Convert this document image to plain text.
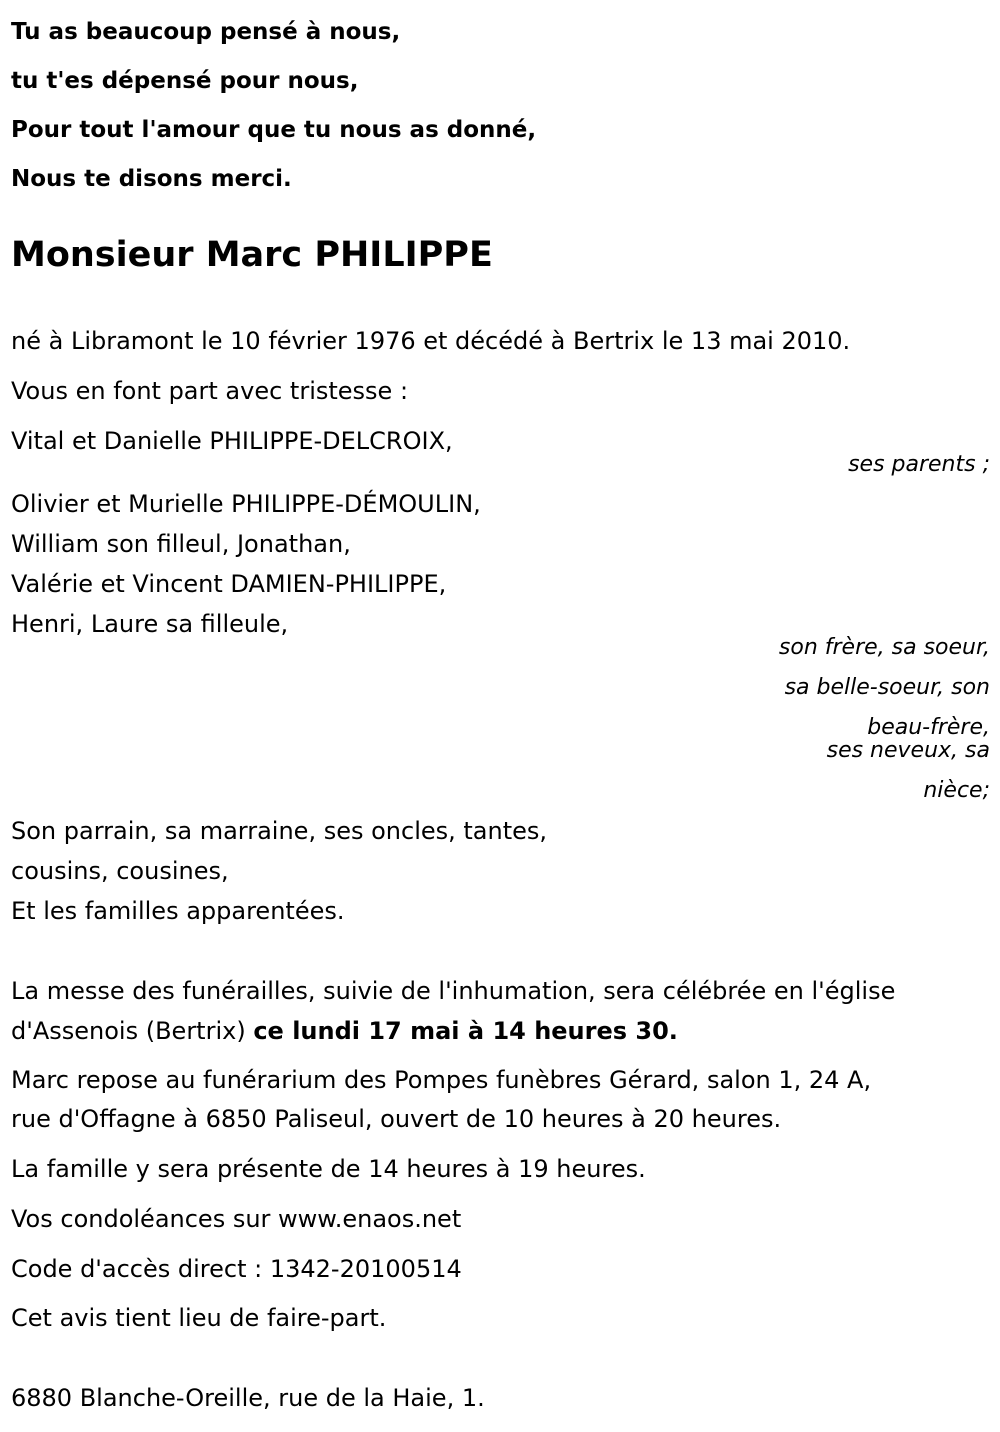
Tu as beaucoup pensé à nous,
tu t'es dépensé pour nous,
Pour tout l'amour que tu nous as donné,
Nous te disons merci.
Monsieur Marc PHILIPPE
né à Libramont le 10 février 1976 et décédé à Bertrix le 13 mai 2010.
Vous en font part avec tristesse :
Vital et Danielle PHILIPPE-DELCROIX,
ses parents ;
Olivier et Murielle PHILIPPE-DÉMOULIN,
William son filleul, Jonathan,
Valérie et Vincent DAMIEN-PHILIPPE,
Henri, Laure sa filleule,
son frère, sa soeur,
sa belle-soeur, son
beau-frère,
ses neveux, sa
nièce;
Son parrain, sa marraine, ses oncles, tantes,
cousins, cousines,
Et les familles apparentées.
La messe des funérailles, suivie de l'inhumation, sera célébrée en l'église
d'Assenois (Bertrix) ce lundi 17 mai à 14 heures 30.
Marc repose au funérarium des Pompes funèbres Gérard, salon 1, 24 A,
rue d'Offagne à 6850 Paliseul, ouvert de 10 heures à 20 heures.
La famille y sera présente de 14 heures à 19 heures.
Vos condoléances sur www.enaos.net
Code d'accès direct : 1342-20100514
Cet avis tient lieu de faire-part.
6880 Blanche-Oreille, rue de la Haie, 1.
